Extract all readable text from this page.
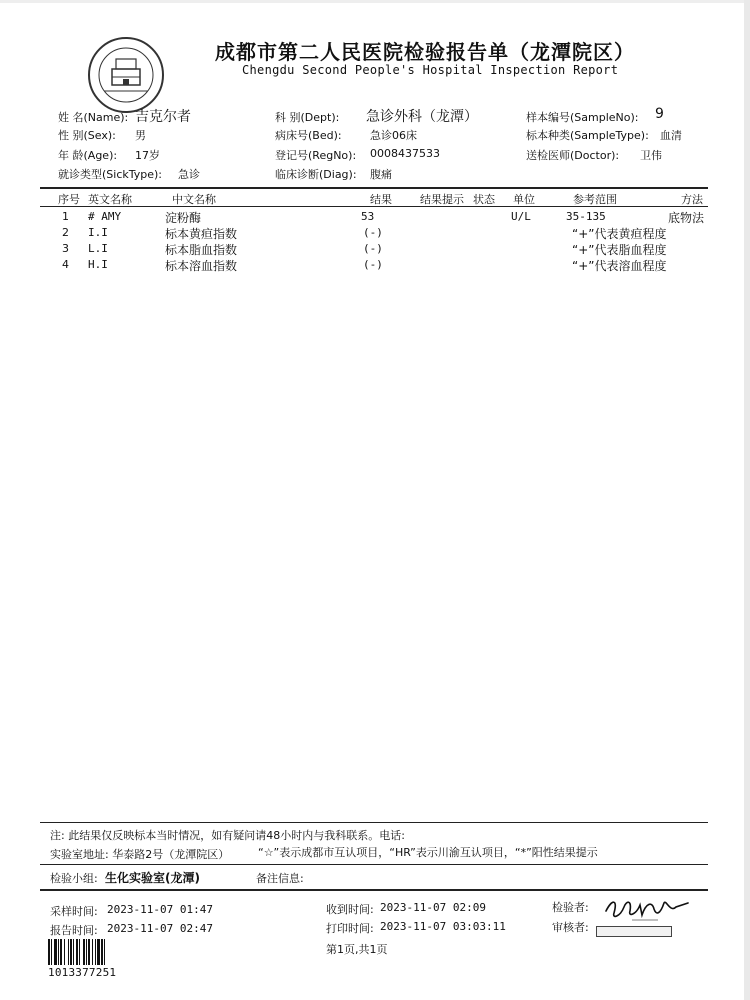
成都市第二人民医院检验报告单（龙潭院区）
Chengdu Second People's Hospital Inspection Report
姓 名(Name): 吉克尔者
性 别(Sex): 男
年 龄(Age): 17岁
就诊类型(SickType): 急诊
科 别(Dept): 急诊外科（龙潭）
病床号(Bed):	急诊06床
登记号(RegNo): 0008437533
临床诊断(Diag): 腹痛
样本编号(SampleNo): 9
标本种类(SampleType): 血清
送检医师(Doctor): 卫伟
序号 英文名称	中文名称	结果	结果提示 状态 单位	参考范围	方法
1 # AMY	淀粉酶	53	U/L	35-135	底物法
2 I.I	标本黄疸指数	(-)	“+”代表黄疸程度
3 L.I	标本脂血指数	(-)	“+”代表脂血程度
4 H.I	标本溶血指数	(-)	“+”代表溶血程度
注: 此结果仅反映标本当时情况，如有疑问请48小时内与我科联系。电话:
实验室地址: 华泰路2号（龙潭院区）	“☆”表示成都市互认项目，“HR”表示川渝互认项目，“*”阳性结果提示
检验小组: 生化实验室(龙潭)	备注信息:
采样时间: 2023-11-07 01:47
报告时间: 2023-11-07 02:47
收到时间: 2023-11-07 02:09
打印时间: 2023-11-07 03:03:11
第1页,共1页
检验者:
审核者:
1013377251
